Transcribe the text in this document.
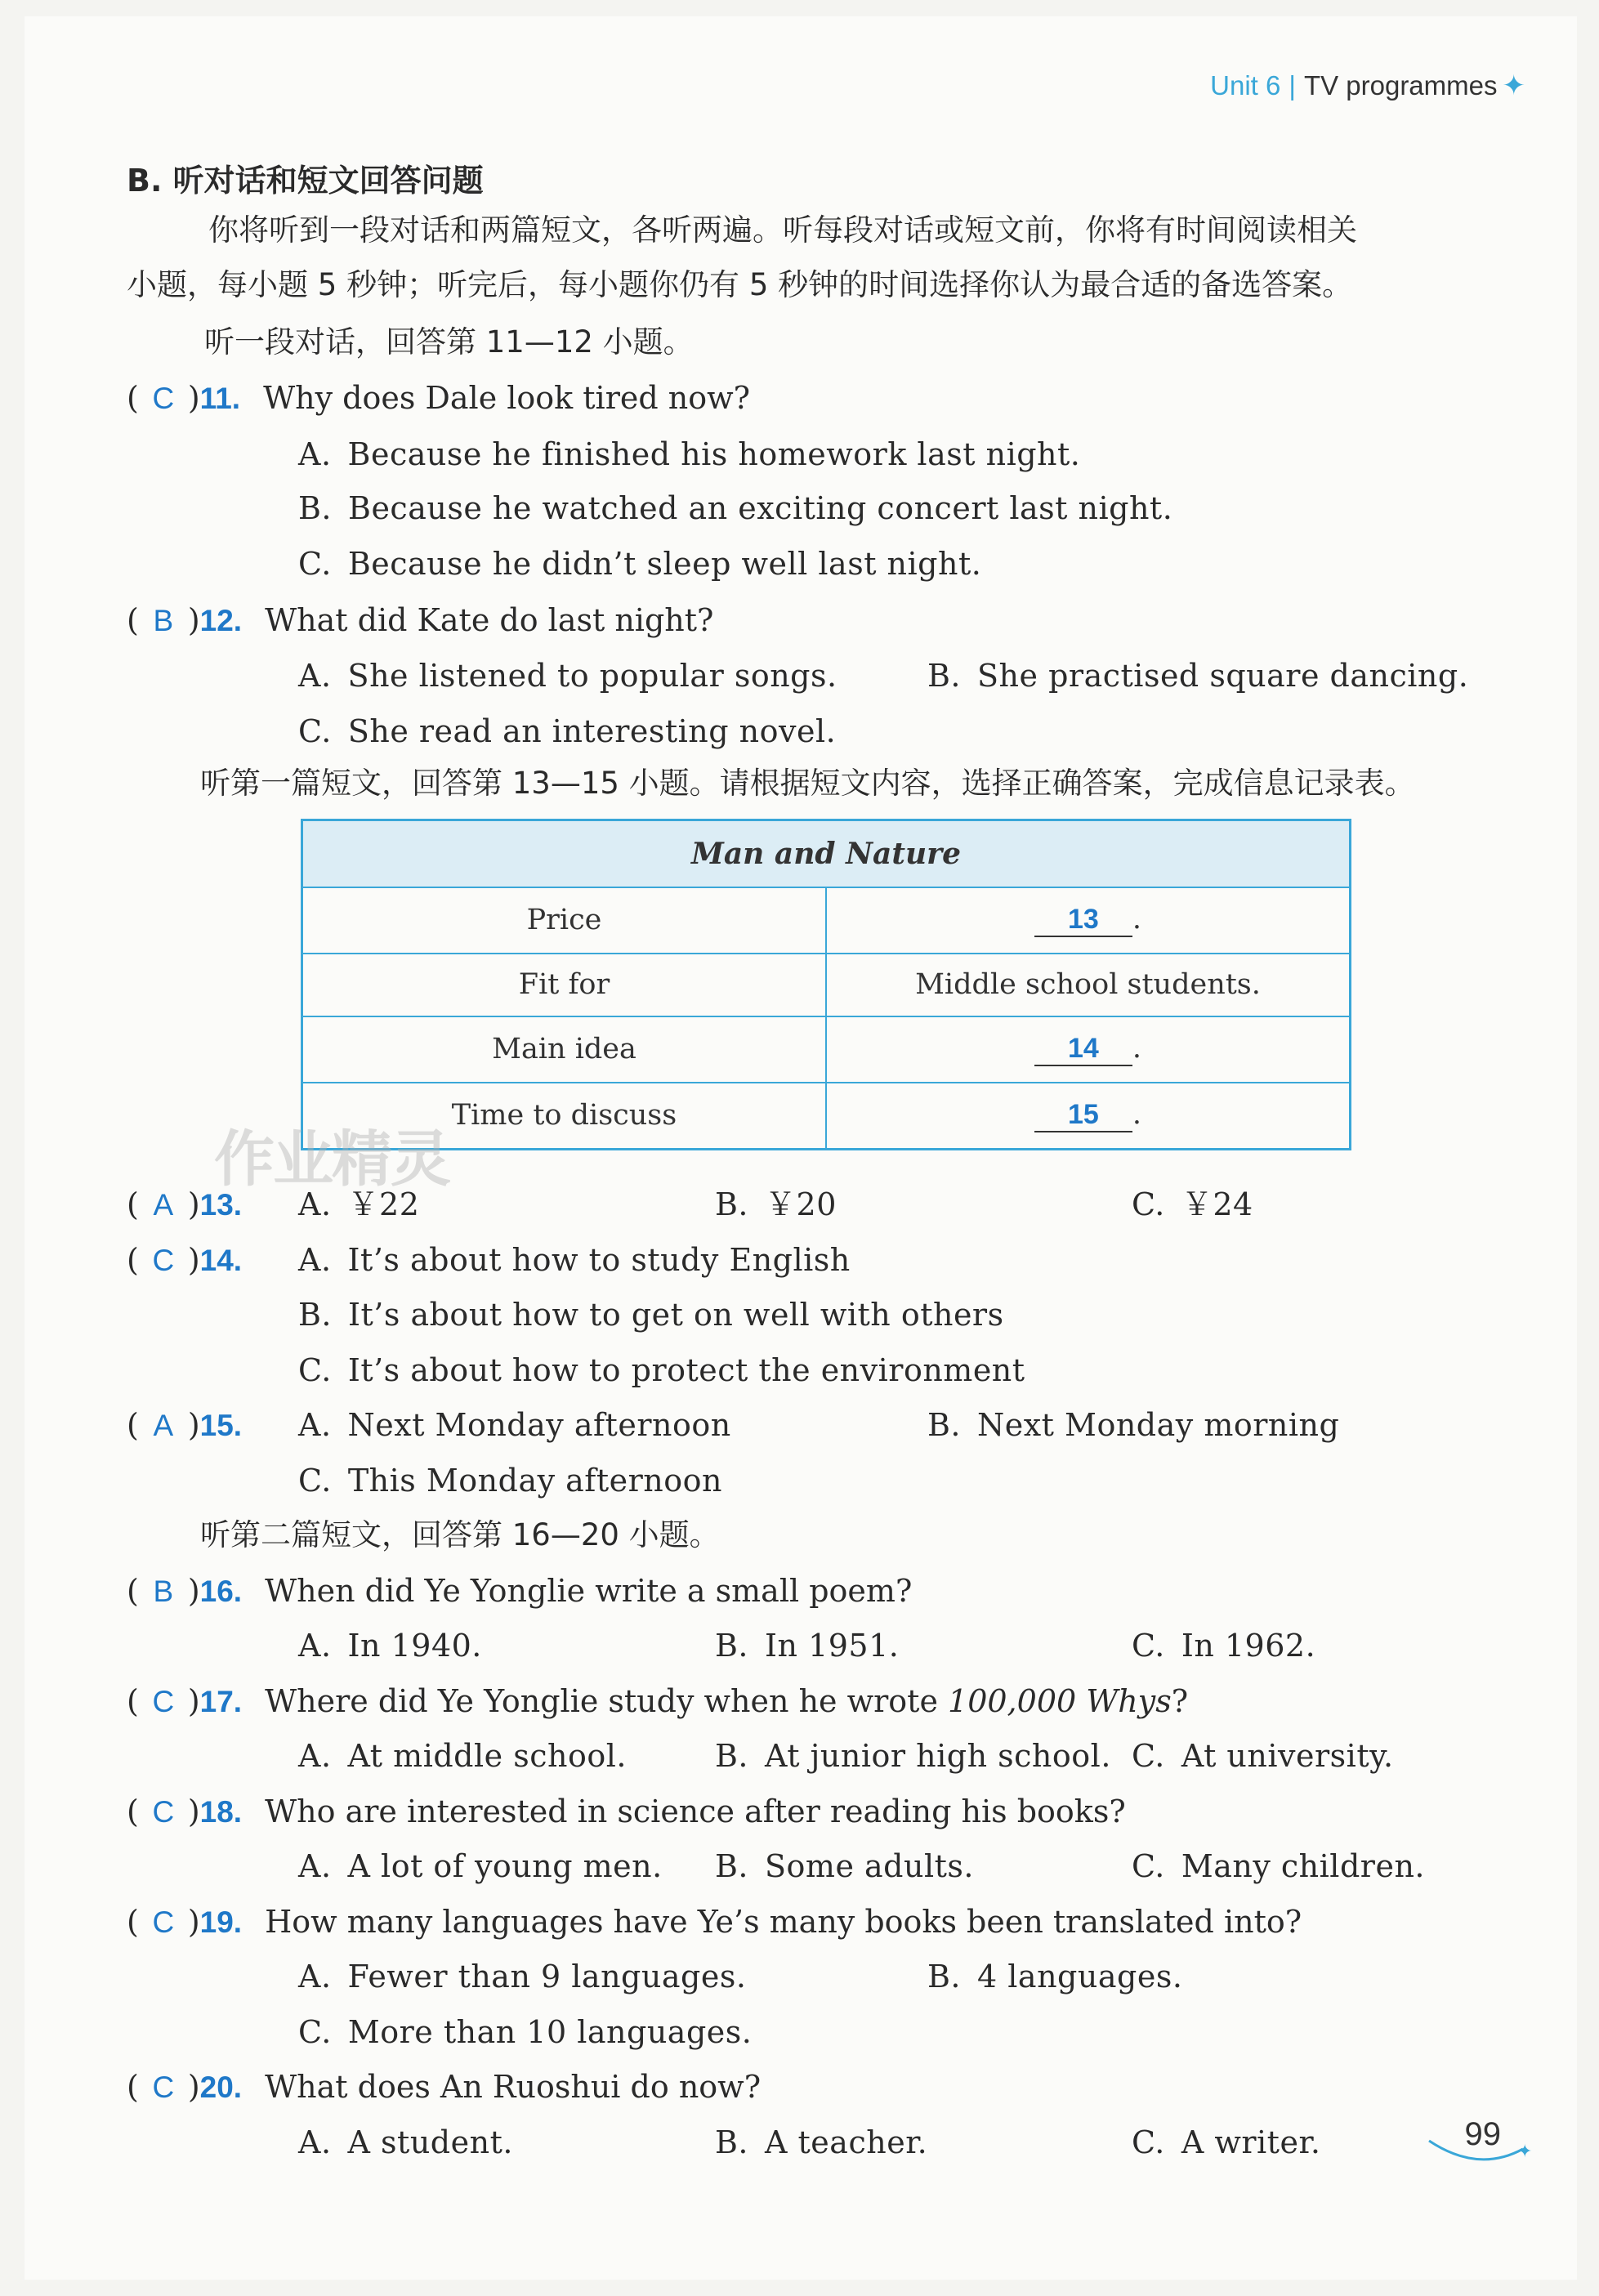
Unit 6 | TV programmes ✦
B. 听对话和短文回答问题
你将听到一段对话和两篇短文，各听两遍。听每段对话或短文前，你将有时间阅读相关
小题，每小题 5 秒钟；听完后，每小题你仍有 5 秒钟的时间选择你认为最合适的备选答案。
听一段对话，回答第 11—12 小题。
( C )11. Why does Dale look tired now?
A. Because he finished his homework last night.
B. Because he watched an exciting concert last night.
C. Because he didn’t sleep well last night.
( B )12. What did Kate do last night?
A. She listened to popular songs.	B. She practised square dancing.
C. She read an interesting novel.
听第一篇短文，回答第 13—15 小题。请根据短文内容，选择正确答案，完成信息记录表。
Man and Nature	
Price	13 .
Fit for	Middle school students.
Main idea	14 .
Time to discuss	15 .
作业精灵
( A )13. A. ￥22	B. ￥20	C. ￥24
( C )14. A. It’s about how to study English
B. It’s about how to get on well with others
C. It’s about how to protect the environment
( A )15. A. Next Monday afternoon	B. Next Monday morning
C. This Monday afternoon
听第二篇短文，回答第 16—20 小题。
( B )16. When did Ye Yonglie write a small poem?
A. In 1940.	B. In 1951.	C. In 1962.
( C )17. Where did Ye Yonglie study when he wrote 100,000 Whys?
A. At middle school.	B. At junior high school. C. At university.
( C )18. Who are interested in science after reading his books?
A. A lot of young men. B. Some adults.	C. Many children.
( C )19. How many languages have Ye’s many books been translated into?
A. Fewer than 9 languages.	B. 4 languages.
C. More than 10 languages.
( C )20. What does An Ruoshui do now?
A. A student.	B. A teacher.	C. A writer.	99 ✦
